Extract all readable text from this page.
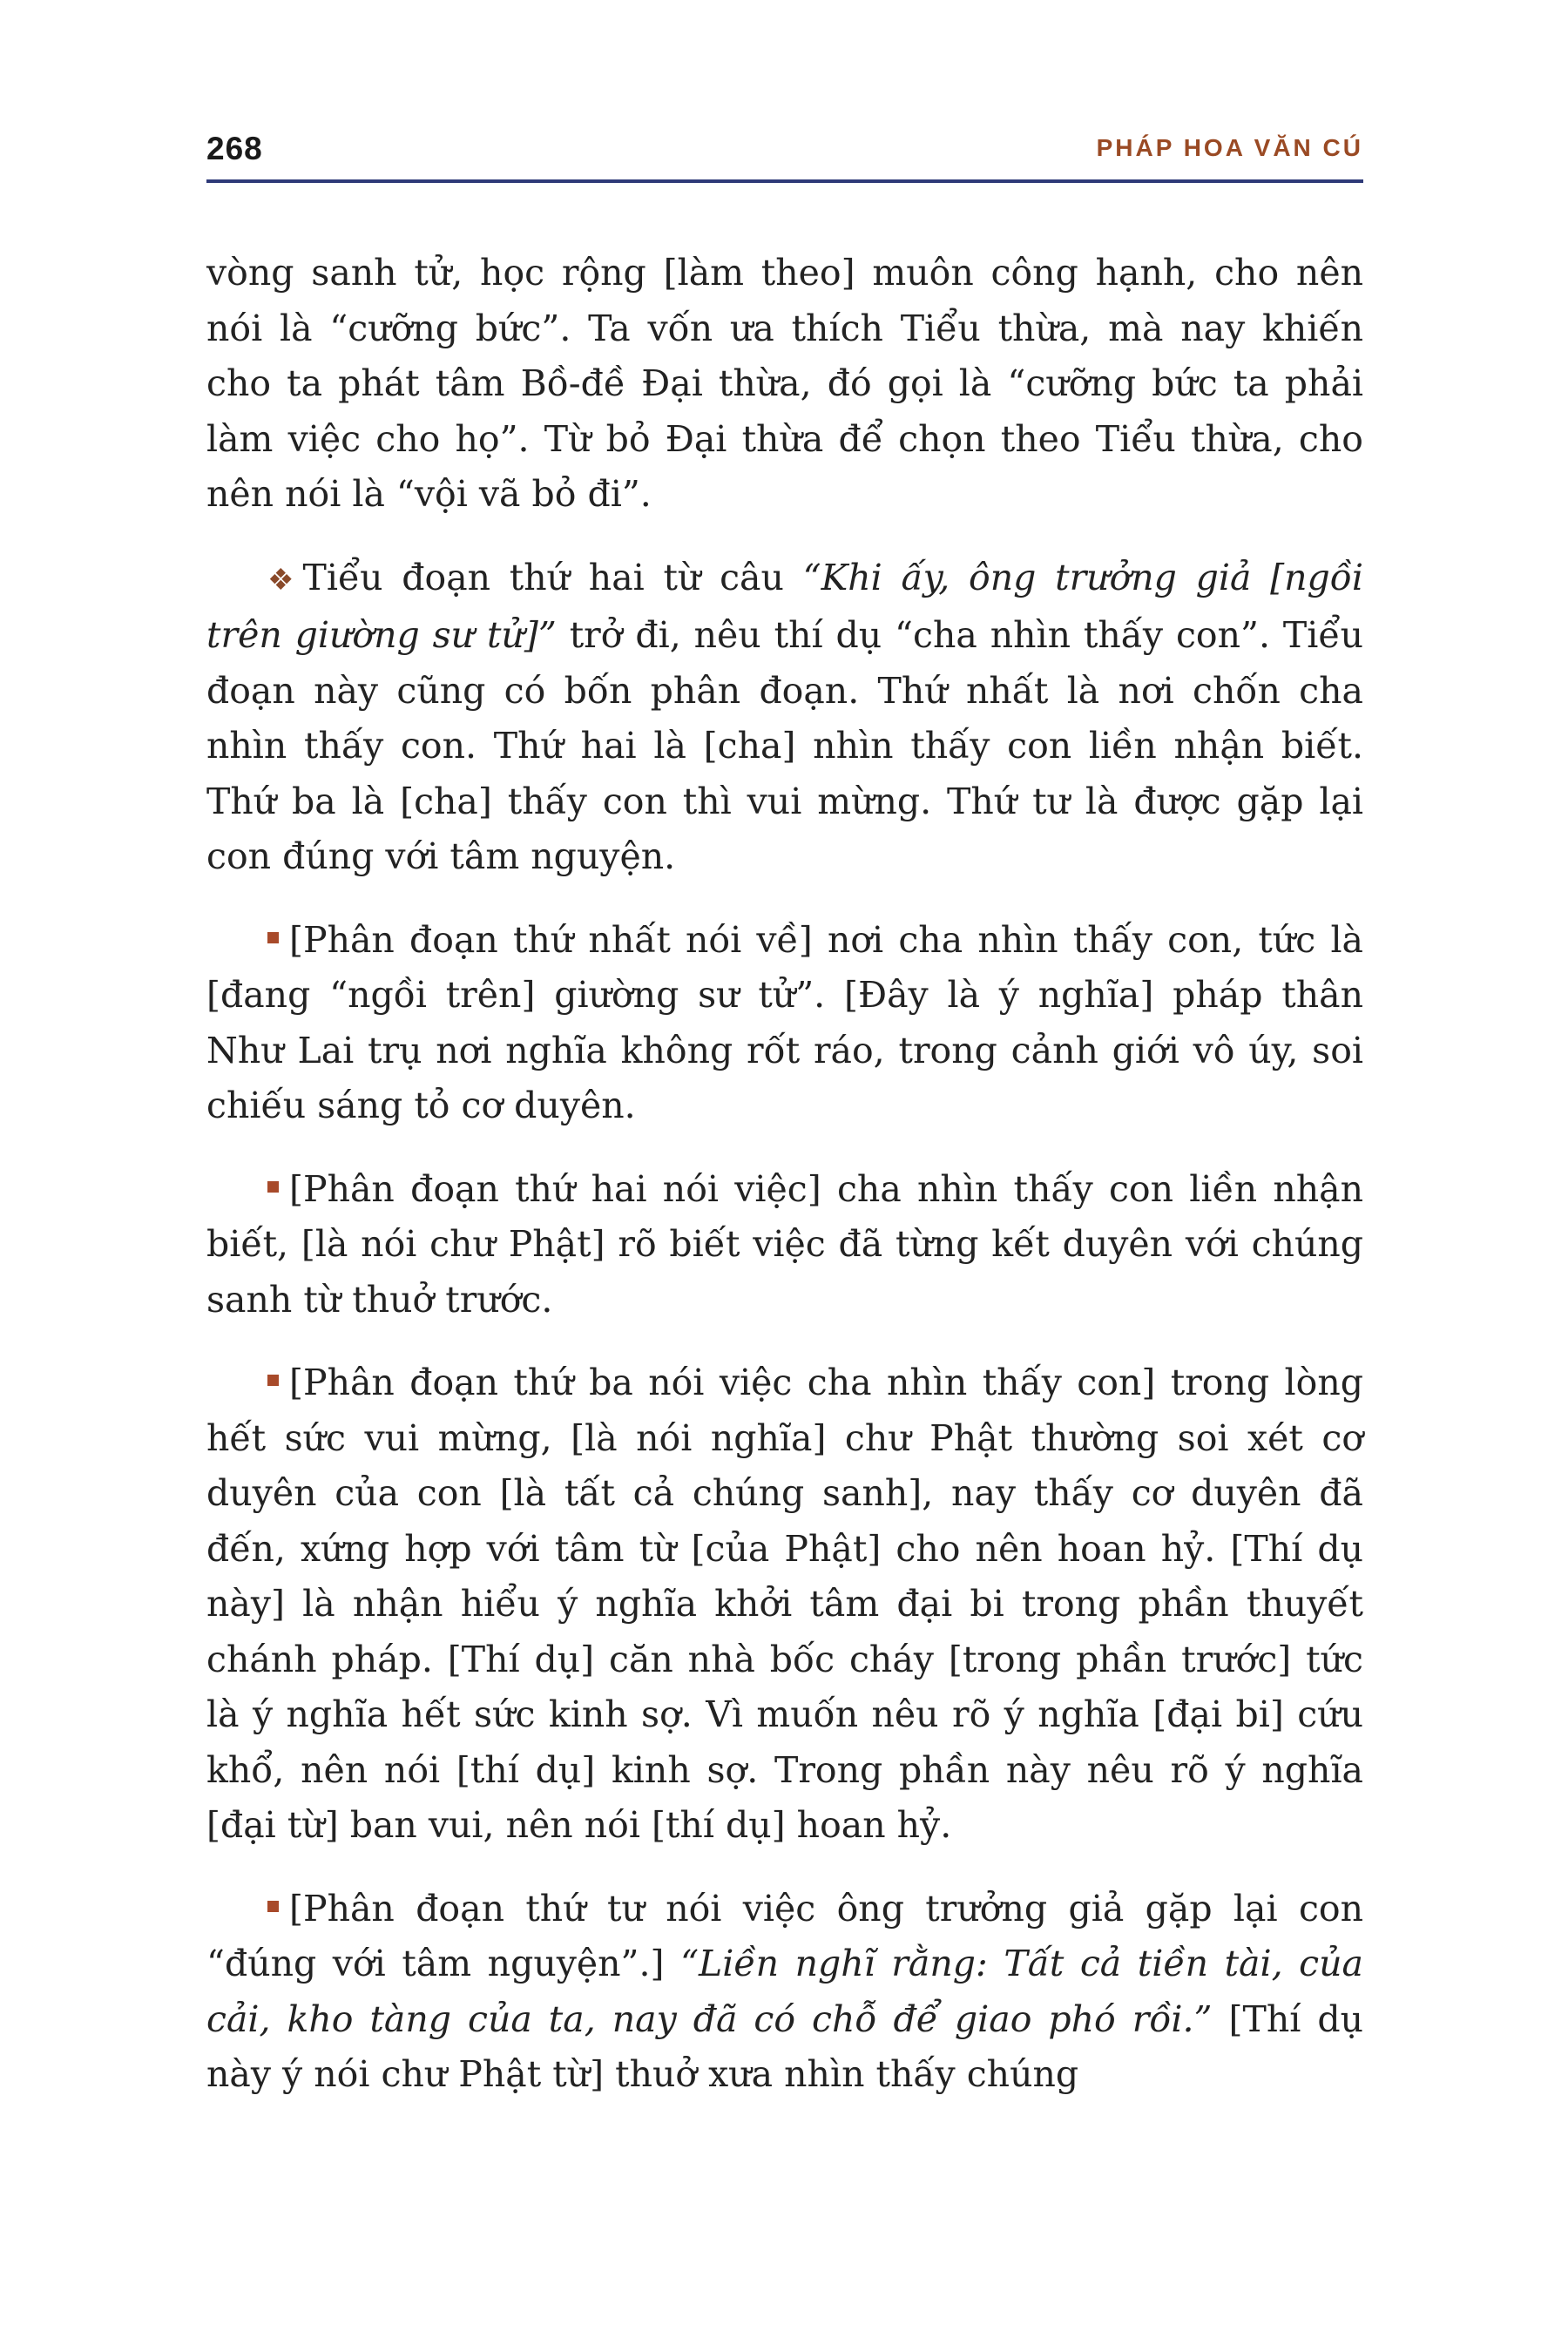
268	PHÁP HOA VĂN CÚ

vòng sanh tử, học rộng [làm theo] muôn công hạnh, cho nên nói là “cưỡng bức”. Ta vốn ưa thích Tiểu thừa, mà nay khiến cho ta phát tâm Bồ-đề Đại thừa, đó gọi là “cưỡng bức ta phải làm việc cho họ”. Từ bỏ Đại thừa để chọn theo Tiểu thừa, cho nên nói là “vội vã bỏ đi”.

❖ Tiểu đoạn thứ hai từ câu “Khi ấy, ông trưởng giả [ngồi trên giường sư tử]” trở đi, nêu thí dụ “cha nhìn thấy con”. Tiểu đoạn này cũng có bốn phân đoạn. Thứ nhất là nơi chốn cha nhìn thấy con. Thứ hai là [cha] nhìn thấy con liền nhận biết. Thứ ba là [cha] thấy con thì vui mừng. Thứ tư là được gặp lại con đúng với tâm nguyện.

[Phân đoạn thứ nhất nói về] nơi cha nhìn thấy con, tức là [đang “ngồi trên] giường sư tử”. [Đây là ý nghĩa] pháp thân Như Lai trụ nơi nghĩa không rốt ráo, trong cảnh giới vô úy, soi chiếu sáng tỏ cơ duyên.

[Phân đoạn thứ hai nói việc] cha nhìn thấy con liền nhận biết, [là nói chư Phật] rõ biết việc đã từng kết duyên với chúng sanh từ thuở trước.

[Phân đoạn thứ ba nói việc cha nhìn thấy con] trong lòng hết sức vui mừng, [là nói nghĩa] chư Phật thường soi xét cơ duyên của con [là tất cả chúng sanh], nay thấy cơ duyên đã đến, xứng hợp với tâm từ [của Phật] cho nên hoan hỷ. [Thí dụ này] là nhận hiểu ý nghĩa khởi tâm đại bi trong phần thuyết chánh pháp. [Thí dụ] căn nhà bốc cháy [trong phần trước] tức là ý nghĩa hết sức kinh sợ. Vì muốn nêu rõ ý nghĩa [đại bi] cứu khổ, nên nói [thí dụ] kinh sợ. Trong phần này nêu rõ ý nghĩa [đại từ] ban vui, nên nói [thí dụ] hoan hỷ.

[Phân đoạn thứ tư nói việc ông trưởng giả gặp lại con “đúng với tâm nguyện”.] “Liền nghĩ rằng: Tất cả tiền tài, của cải, kho tàng của ta, nay đã có chỗ để giao phó rồi.” [Thí dụ này ý nói chư Phật từ] thuở xưa nhìn thấy chúng
